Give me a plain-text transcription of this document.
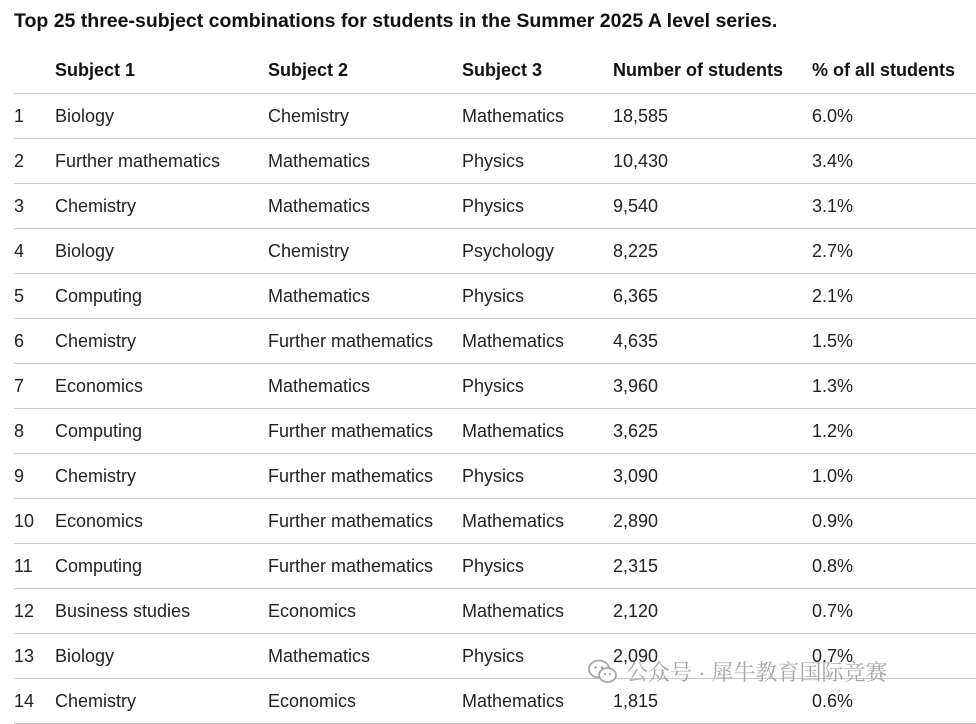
Top 25 three-subject combinations for students in the Summer 2025 A level series.
	Subject 1	Subject 2	Subject 3	Number of students	% of all students
1	Biology	Chemistry	Mathematics	18,585	6.0%
2	Further mathematics	Mathematics	Physics	10,430	3.4%
3	Chemistry	Mathematics	Physics	9,540	3.1%
4	Biology	Chemistry	Psychology	8,225	2.7%
5	Computing	Mathematics	Physics	6,365	2.1%
6	Chemistry	Further mathematics	Mathematics	4,635	1.5%
7	Economics	Mathematics	Physics	3,960	1.3%
8	Computing	Further mathematics	Mathematics	3,625	1.2%
9	Chemistry	Further mathematics	Physics	3,090	1.0%
10	Economics	Further mathematics	Mathematics	2,890	0.9%
11	Computing	Further mathematics	Physics	2,315	0.8%
12	Business studies	Economics	Mathematics	2,120	0.7%
13	Biology	Mathematics	Physics	2,090	0.7%
14	Chemistry	Economics	Mathematics	1,815	0.6%
公众号 · 犀牛教育国际竞赛
